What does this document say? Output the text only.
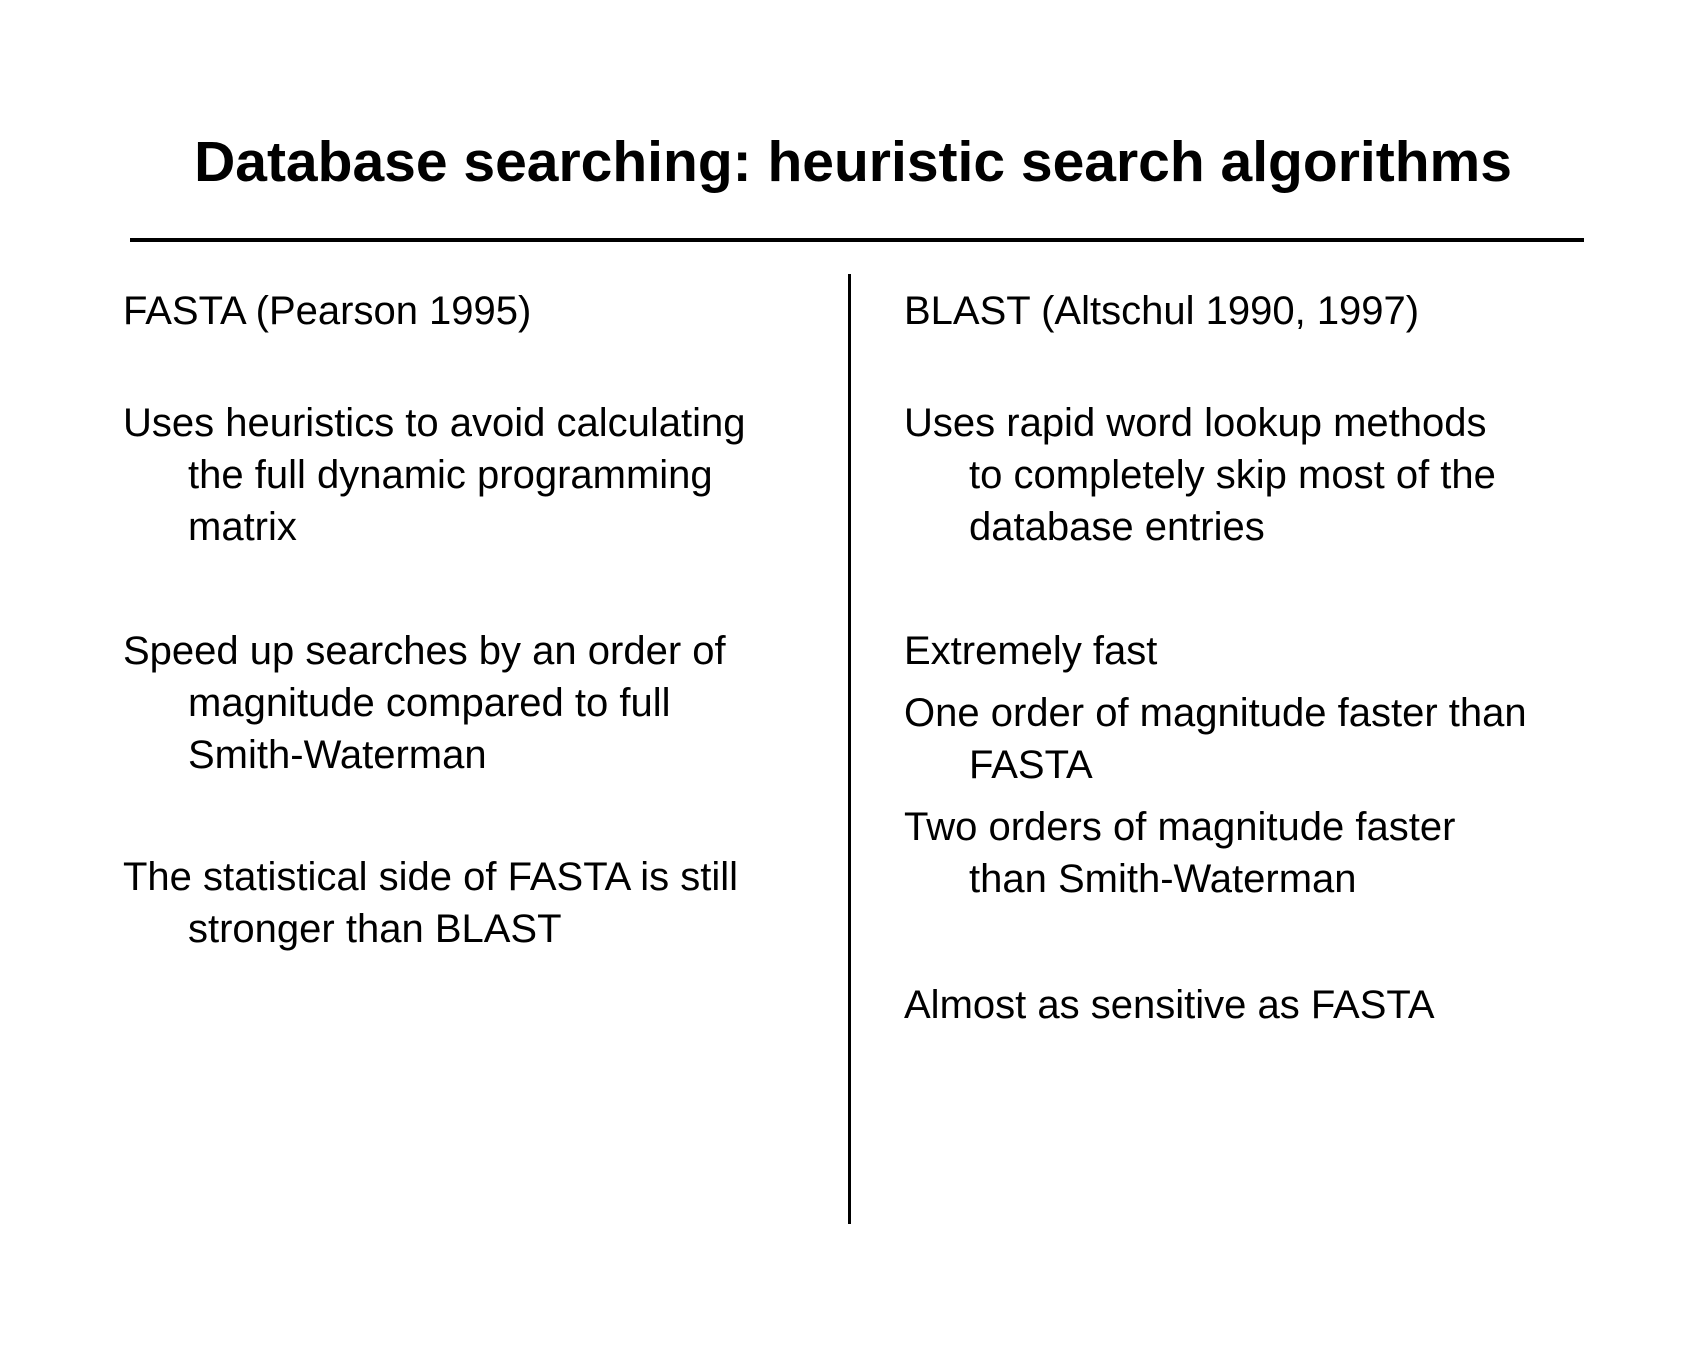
Database searching: heuristic search algorithms
FASTA (Pearson 1995)
Uses heuristics to avoid calculating
the full dynamic programming
matrix
Speed up searches by an order of
magnitude compared to full
Smith-Waterman
The statistical side of FASTA is still
stronger than BLAST
BLAST (Altschul 1990, 1997)
Uses rapid word lookup methods
to completely skip most of the
database entries
Extremely fast
One order of magnitude faster than
FASTA
Two orders of magnitude faster
than Smith-Waterman
Almost as sensitive as FASTA
